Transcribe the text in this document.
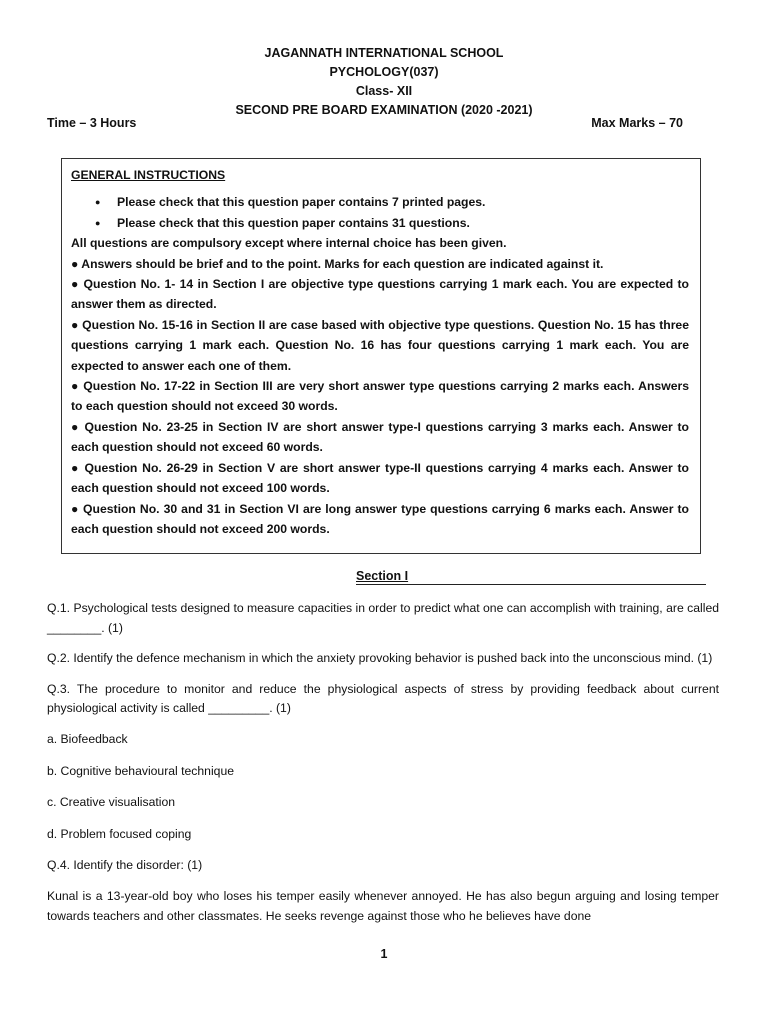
JAGANNATH INTERNATIONAL SCHOOL
PYCHOLOGY(037)
Class- XII
SECOND PRE BOARD EXAMINATION (2020 -2021)
Time – 3 Hours	Max Marks – 70
GENERAL INSTRUCTIONS
● Please check that this question paper contains 7 printed pages.
● Please check that this question paper contains 31 questions.
All questions are compulsory except where internal choice has been given.
● Answers should be brief and to the point. Marks for each question are indicated against it.
● Question No. 1- 14 in Section I are objective type questions carrying 1 mark each. You are expected to answer them as directed.
● Question No. 15-16 in Section II are case based with objective type questions. Question No. 15 has three questions carrying 1 mark each. Question No. 16 has four questions carrying 1 mark each. You are expected to answer each one of them.
● Question No. 17-22 in Section III are very short answer type questions carrying 2 marks each. Answers to each question should not exceed 30 words.
● Question No. 23-25 in Section IV are short answer type-I questions carrying 3 marks each. Answer to each question should not exceed 60 words.
● Question No. 26-29 in Section V are short answer type-II questions carrying 4 marks each. Answer to each question should not exceed 100 words.
● Question No. 30 and 31 in Section VI are long answer type questions carrying 6 marks each. Answer to each question should not exceed 200 words.
Section I

Q.1. Psychological tests designed to measure capacities in order to predict what one can accomplish with training, are called ________. (1)

Q.2. Identify the defence mechanism in which the anxiety provoking behavior is pushed back into the unconscious mind. (1)

Q.3. The procedure to monitor and reduce the physiological aspects of stress by providing feedback about current physiological activity is called _________. (1)

a. Biofeedback

b. Cognitive behavioural technique

c. Creative visualisation

d. Problem focused coping

Q.4. Identify the disorder: (1)

Kunal is a 13-year-old boy who loses his temper easily whenever annoyed. He has also begun arguing and losing temper towards teachers and other classmates. He seeks revenge against those who he believes have done

1
